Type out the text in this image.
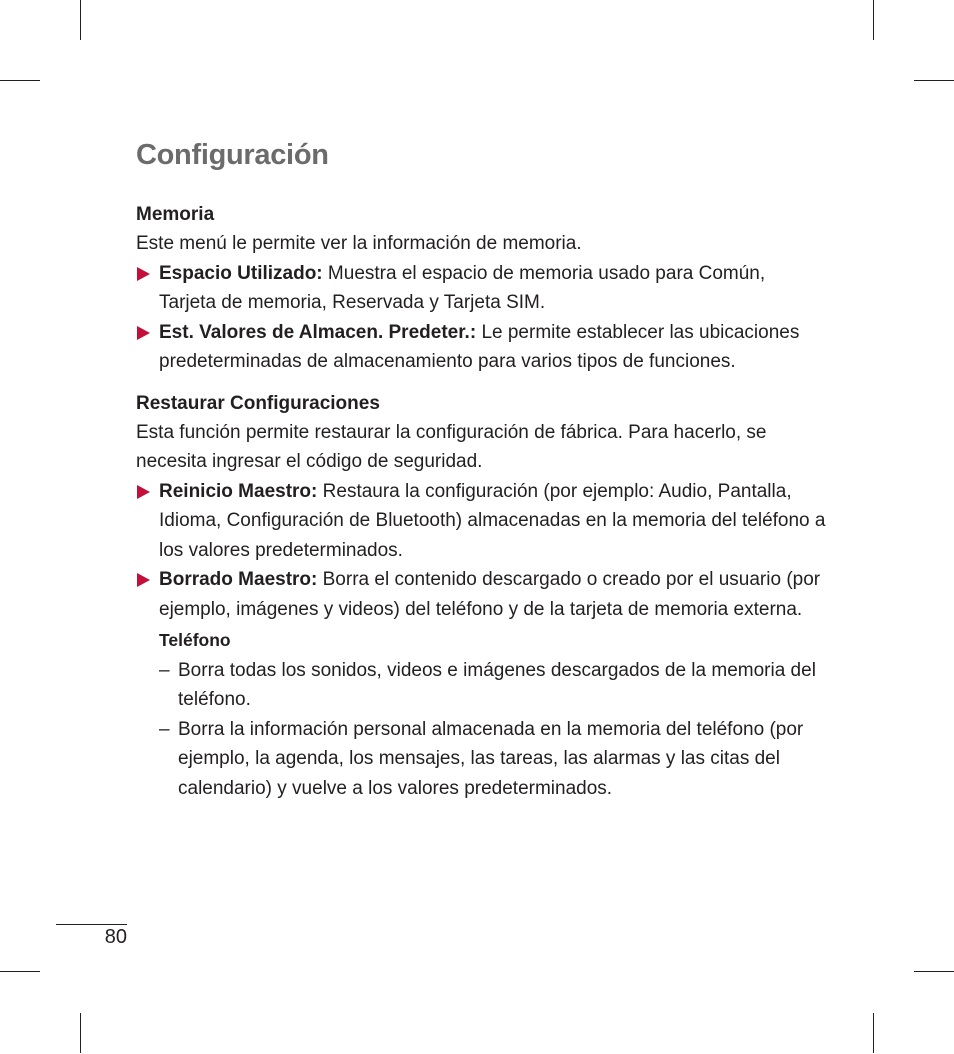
Configuración
Memoria
Este menú le permite ver la información de memoria.
Espacio Utilizado: Muestra el espacio de memoria usado para Común, Tarjeta de memoria, Reservada y Tarjeta SIM.
Est. Valores de Almacen. Predeter.: Le permite establecer las ubicaciones predeterminadas de almacenamiento para varios tipos de funciones.
Restaurar Configuraciones
Esta función permite restaurar la configuración de fábrica. Para hacerlo, se necesita ingresar el código de seguridad.
Reinicio Maestro: Restaura la configuración (por ejemplo: Audio, Pantalla, Idioma, Configuración de Bluetooth) almacenadas en la memoria del teléfono a los valores predeterminados.
Borrado Maestro: Borra el contenido descargado o creado por el usuario (por ejemplo, imágenes y videos) del teléfono y de la tarjeta de memoria externa.
Teléfono
– Borra todas los sonidos, videos e imágenes descargados de la memoria del teléfono.
– Borra la información personal almacenada en la memoria del teléfono (por ejemplo, la agenda, los mensajes, las tareas, las alarmas y las citas del calendario) y vuelve a los valores predeterminados.
80
